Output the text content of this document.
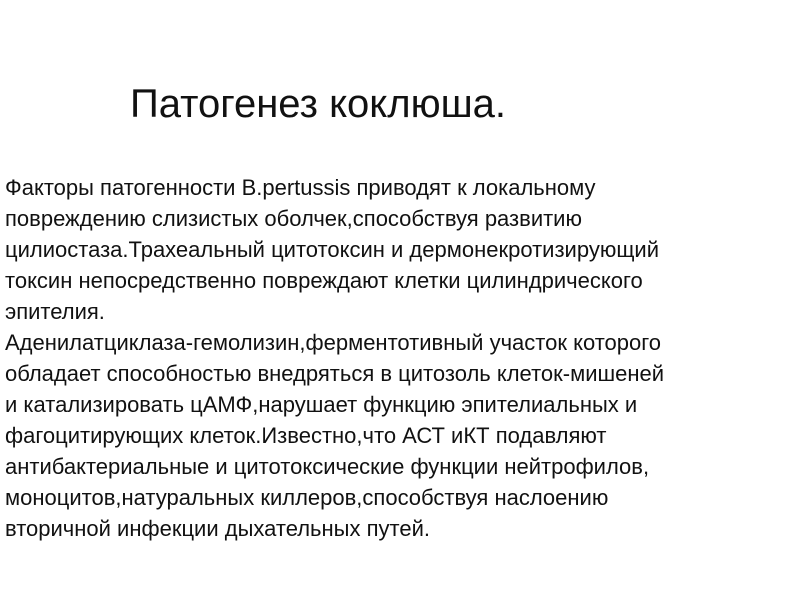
Патогенез коклюша.
Факторы патогенности B.pertussis приводят к локальному
повреждению слизистых оболчек,способствуя развитию
цилиостаза.Трахеальный цитотоксин и дермонекротизирующий
токсин непосредственно повреждают клетки цилиндрического
эпителия.
Аденилатциклаза-гемолизин,ферментотивный участок которого
обладает способностью внедряться в цитозоль клеток-мишеней
и катализировать цАМФ,нарушает функцию эпителиальных и
фагоцитирующих клеток.Известно,что АСТ иКТ подавляют
антибактериальные и цитотоксические функции нейтрофилов,
моноцитов,натуральных киллеров,способствуя наслоению
вторичной инфекции дыхательных путей.
